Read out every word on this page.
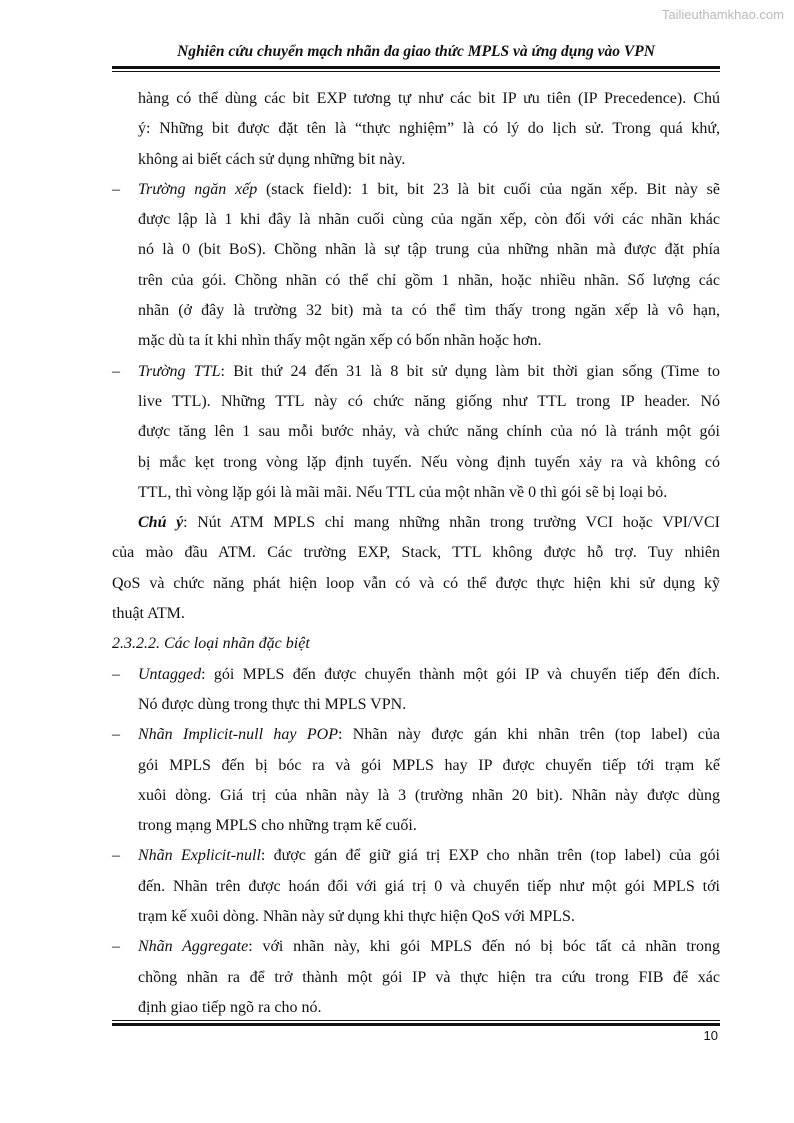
Tailieuthamkhao.com
Nghiên cứu chuyển mạch nhãn đa giao thức MPLS và ứng dụng vào VPN
hàng có thể dùng các bit EXP tương tự như các bit IP ưu tiên (IP Precedence). Chú
ý: Những bit được đặt tên là “thực nghiệm” là có lý do lịch sử. Trong quá khứ,
không ai biết cách sử dụng những bit này.
–	Trường ngăn xếp (stack field): 1 bit, bit 23 là bit cuối của ngăn xếp. Bit này sẽ
được lập là 1 khi đây là nhãn cuối cùng của ngăn xếp, còn đối với các nhãn khác
nó là 0 (bit BoS). Chồng nhãn là sự tập trung của những nhãn mà được đặt phía
trên của gói. Chồng nhãn có thể chỉ gồm 1 nhãn, hoặc nhiều nhãn. Số lượng các
nhãn (ở đây là trường 32 bit) mà ta có thể tìm thấy trong ngăn xếp là vô hạn,
mặc dù ta ít khi nhìn thấy một ngăn xếp có bốn nhãn hoặc hơn.
–	Trường TTL: Bit thứ 24 đến 31 là 8 bit sử dụng làm bit thời gian sống (Time to
live TTL). Những TTL này có chức năng giống như TTL trong IP header. Nó
được tăng lên 1 sau mỗi bước nhảy, và chức năng chính của nó là tránh một gói
bị mắc kẹt trong vòng lặp định tuyến. Nếu vòng định tuyến xảy ra và không có
TTL, thì vòng lặp gói là mãi mãi. Nếu TTL của một nhãn về 0 thì gói sẽ bị loại bỏ.
Chú ý: Nút ATM MPLS chỉ mang những nhãn trong trường VCI hoặc VPI/VCI
của mào đầu ATM. Các trường EXP, Stack, TTL không được hỗ trợ. Tuy nhiên
QoS và chức năng phát hiện loop vẫn có và có thể được thực hiện khi sử dụng kỹ
thuật ATM.
2.3.2.2. Các loại nhãn đặc biệt
–	Untagged: gói MPLS đến được chuyển thành một gói IP và chuyển tiếp đến đích.
Nó được dùng trong thực thi MPLS VPN.
–	Nhãn Implicit-null hay POP: Nhãn này được gán khi nhãn trên (top label) của
gói MPLS đến bị bóc ra và gói MPLS hay IP được chuyển tiếp tới trạm kế
xuôi dòng. Giá trị của nhãn này là 3 (trường nhãn 20 bit). Nhãn này được dùng
trong mạng MPLS cho những trạm kế cuối.
–	Nhãn Explicit-null: được gán để giữ giá trị EXP cho nhãn trên (top label) của gói
đến. Nhãn trên được hoán đổi với giá trị 0 và chuyển tiếp như một gói MPLS tới
trạm kế xuôi dòng. Nhãn này sử dụng khi thực hiện QoS với MPLS.
–	Nhãn Aggregate: với nhãn này, khi gói MPLS đến nó bị bóc tất cả nhãn trong
chồng nhãn ra để trở thành một gói IP và thực hiện tra cứu trong FIB để xác
định giao tiếp ngõ ra cho nó.
10
